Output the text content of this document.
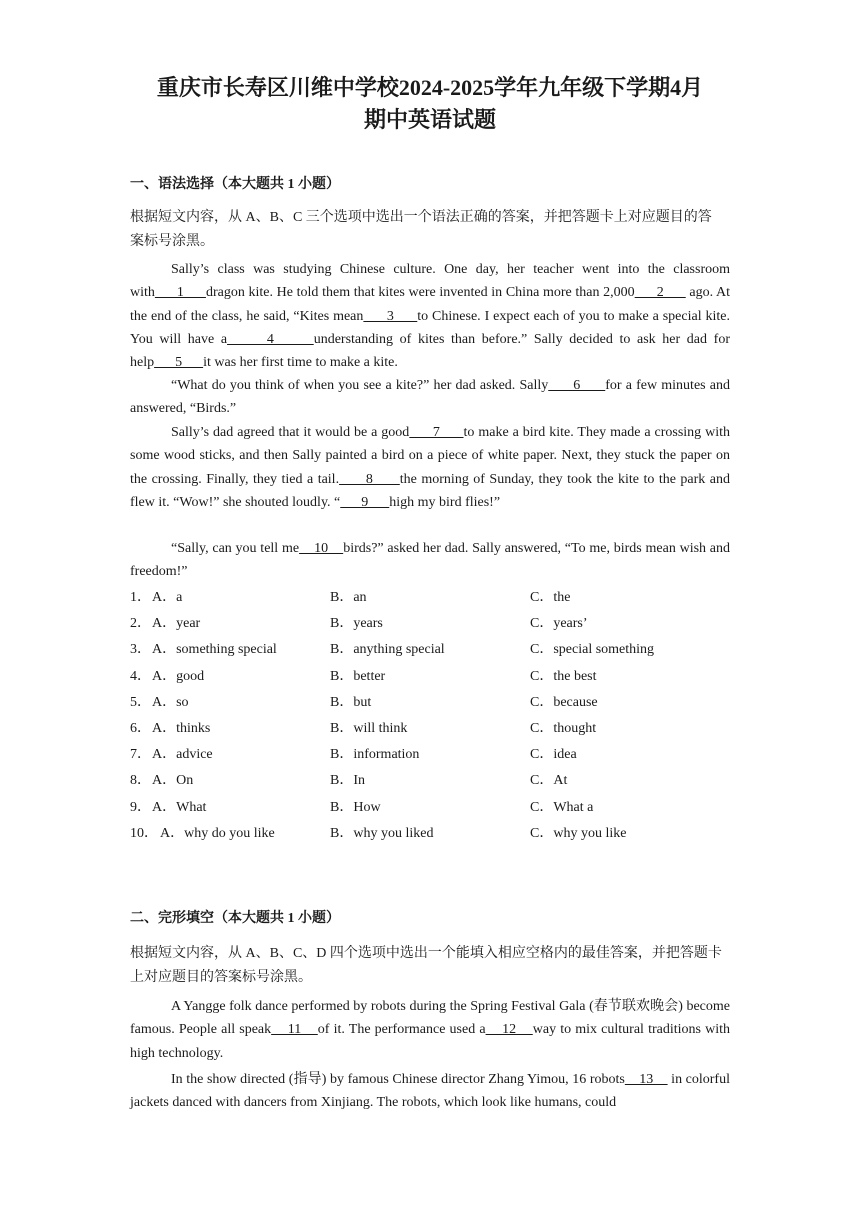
重庆市长寿区川维中学校2024-2025学年九年级下学期4月
期中英语试题
一、语法选择（本大题共 1 小题）
根据短文内容，从 A、B、C 三个选项中选出一个语法正确的答案，并把答题卡上对应题目的答案标号涂黑。
Sally’s class was studying Chinese culture. One day, her teacher went into the classroom with      1      dragon kite. He told them that kites were invented in China more than 2,000      2       ago. At the end of the class, he said, “Kites mean      3      to Chinese. I expect each of you to make a special kite. You will have a      4      understanding of kites than before.” Sally decided to ask her dad for help      5      it was her first time to make a kite.
“What do you think of when you see a kite?” her dad asked. Sally      6      for a few minutes and answered, “Birds.”
Sally’s dad agreed that it would be a good      7      to make a bird kite. They made a crossing with some wood sticks, and then Sally painted a bird on a piece of white paper. Next, they stuck the paper on the crossing. Finally, they tied a tail.      8      the morning of Sunday, they took the kite to the park and flew it. “Wow!” she shouted loudly. “      9      high my bird flies!”
“Sally, can you tell me    10    birds?” asked her dad. Sally answered, “To me, birds mean wish and freedom!”
1． A．a	B．an	C．the
2． A．year	B．years	C．years’
3． A．something special	B．anything special	C．special something
4． A．good	B．better	C．the best
5． A．so	B．but	C．because
6． A．thinks	B．will think	C．thought
7． A．advice	B．information	C．idea
8． A．On	B．In	C．At
9． A．What	B．How	C．What a
10． A．why do you like	B．why you liked	C．why you like
二、完形填空（本大题共 1 小题）
根据短文内容，从 A、B、C、D 四个选项中选出一个能填入相应空格内的最佳答案，并把答题卡上对应题目的答案标号涂黑。
A Yangge folk dance performed by robots during the Spring Festival Gala (春节联欢晚会) become famous. People all speak    11    of it. The performance used a    12    way to mix cultural traditions with high technology.
In the show directed (指导) by famous Chinese director Zhang Yimou, 16 robots    13     in colorful jackets danced with dancers from Xinjiang. The robots, which look like humans, could
